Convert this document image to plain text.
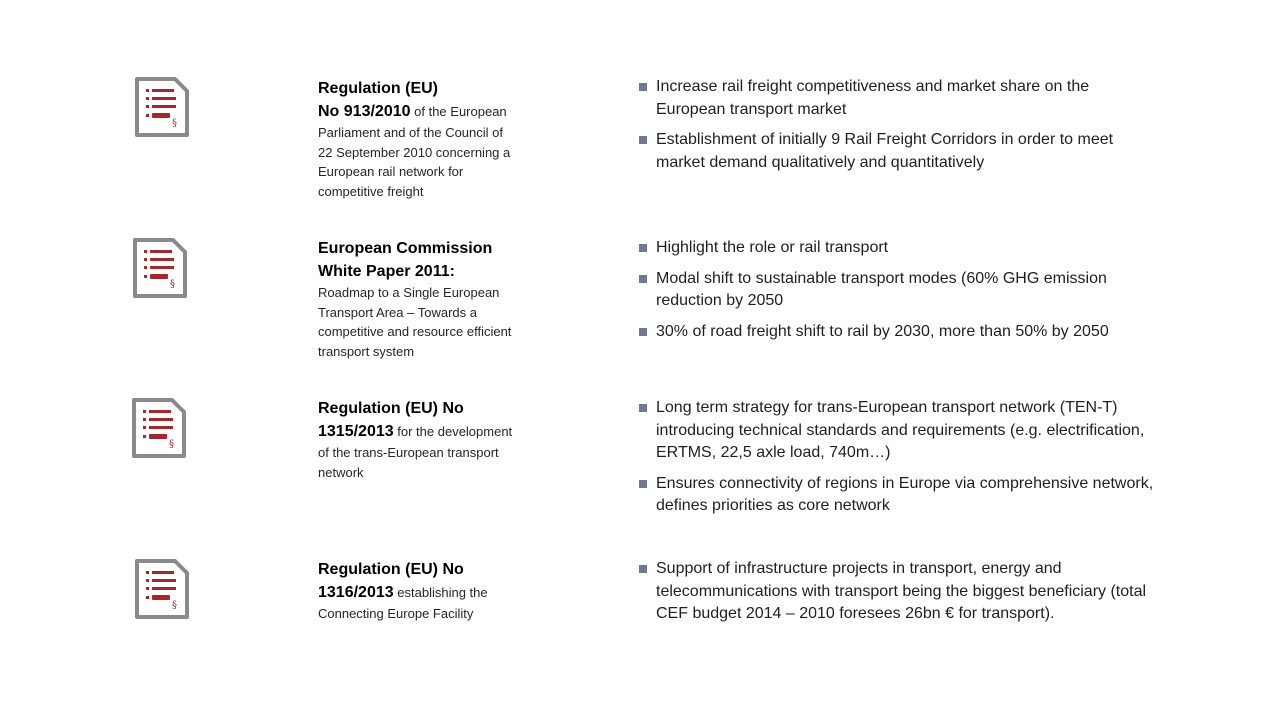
§
Regulation (EU)
No 913/2010 of the European Parliament and of the Council of 22 September 2010 concerning a European rail network for competitive freight
Increase rail freight competitiveness and market share on the European transport market
Establishment of initially 9 Rail Freight Corridors in order to meet market demand qualitatively and quantitatively
§
European Commission
White Paper 2011:
Roadmap to a Single European Transport Area – Towards a competitive and resource efficient transport system
Highlight the role or rail transport
Modal shift to sustainable transport modes (60% GHG emission reduction by 2050
30% of road freight shift to rail by 2030, more than 50% by 2050
§
Regulation (EU) No
1315/2013 for the development of the trans-European transport network
Long term strategy for trans-European transport network (TEN-T) introducing technical standards and requirements (e.g. electrification, ERTMS, 22,5 axle load, 740m…)
Ensures connectivity of regions in Europe via comprehensive network, defines priorities as core network
§
Regulation (EU) No
1316/2013 establishing the Connecting Europe Facility
Support of infrastructure projects in transport, energy and telecommunications with transport being the biggest beneficiary (total CEF budget 2014 – 2010 foresees 26bn € for transport).
